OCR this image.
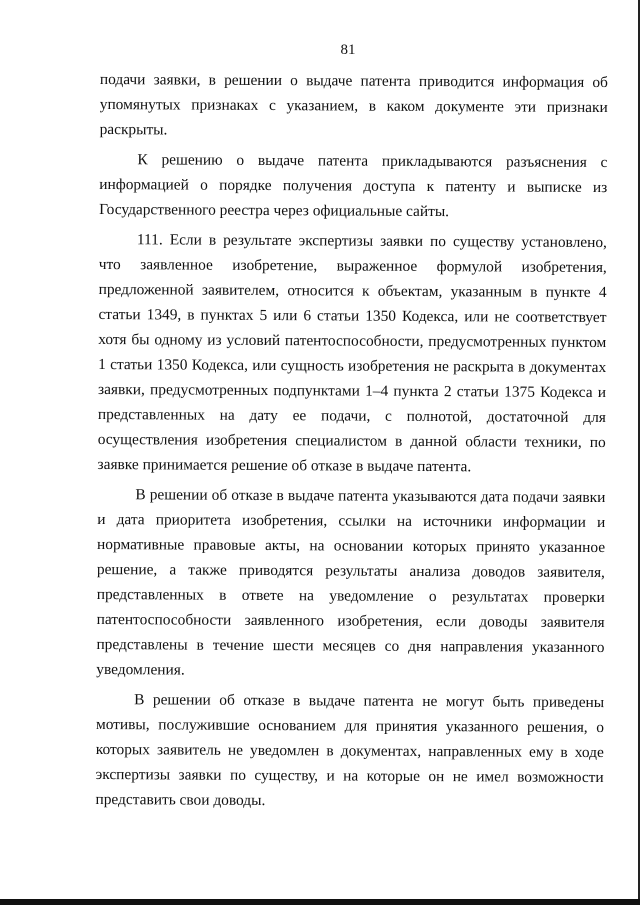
81

подачи заявки, в решении о выдаче патента приводится информация об упомянутых признаках с указанием, в каком документе эти признаки раскрыты.

К решению о выдаче патента прикладываются разъяснения с информацией о порядке получения доступа к патенту и выписке из Государственного реестра через официальные сайты.

111. Если в результате экспертизы заявки по существу установлено, что заявленное изобретение, выраженное формулой изобретения, предложенной заявителем, относится к объектам, указанным в пункте 4 статьи 1349, в пунктах 5 или 6 статьи 1350 Кодекса, или не соответствует хотя бы одному из условий патентоспособности, предусмотренных пунктом 1 статьи 1350 Кодекса, или сущность изобретения не раскрыта в документах заявки, предусмотренных подпунктами 1–4 пункта 2 статьи 1375 Кодекса и представленных на дату ее подачи, с полнотой, достаточной для осуществления изобретения специалистом в данной области техники, по заявке принимается решение об отказе в выдаче патента.

В решении об отказе в выдаче патента указываются дата подачи заявки и дата приоритета изобретения, ссылки на источники информации и нормативные правовые акты, на основании которых принято указанное решение, а также приводятся результаты анализа доводов заявителя, представленных в ответе на уведомление о результатах проверки патентоспособности заявленного изобретения, если доводы заявителя представлены в течение шести месяцев со дня направления указанного уведомления.

В решении об отказе в выдаче патента не могут быть приведены мотивы, послужившие основанием для принятия указанного решения, о которых заявитель не уведомлен в документах, направленных ему в ходе экспертизы заявки по существу, и на которые он не имел возможности представить свои доводы.
